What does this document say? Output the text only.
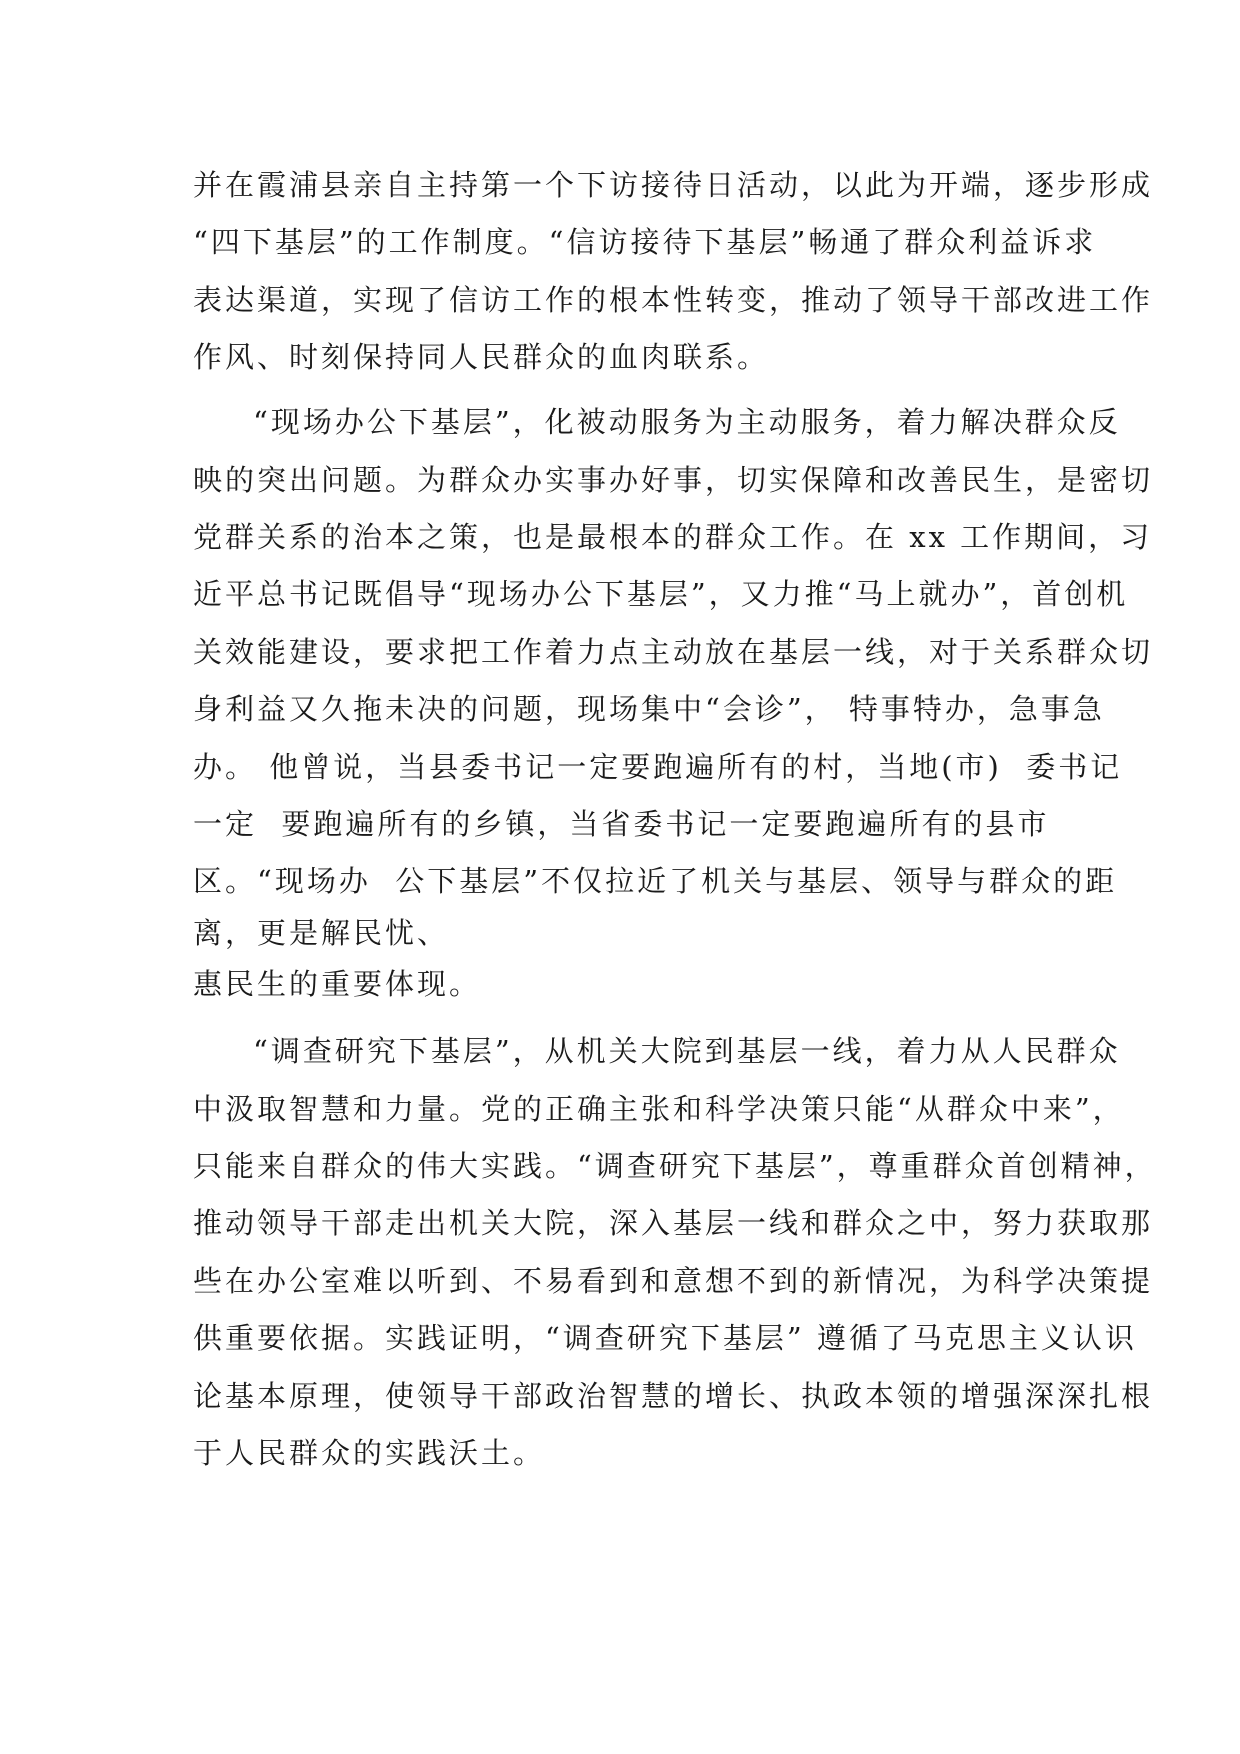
并在霞浦县亲自主持第一个下访接待日活动，以此为开端，逐步形成

“四下基层”的工作制度。“信访接待下基层”畅通了群众利益诉求

表达渠道，实现了信访工作的根本性转变，推动了领导干部改进工作

作风、时刻保持同人民群众的血肉联系。

“现场办公下基层”，化被动服务为主动服务，着力解决群众反

映的突出问题。为群众办实事办好事，切实保障和改善民生，是密切

党群关系的治本之策，也是最根本的群众工作。在 xx 工作期间，习

近平总书记既倡导“现场办公下基层”，又力推“马上就办”，首创机

关效能建设，要求把工作着力点主动放在基层一线，对于关系群众切

身利益又久拖未决的问题，现场集中“会诊”， 特事特办，急事急

办。 他曾说，当县委书记一定要跑遍所有的村，当地(市)  委书记

一定  要跑遍所有的乡镇，当省委书记一定要跑遍所有的县市

区。“现场办  公下基层”不仅拉近了机关与基层、领导与群众的距

离，更是解民忧、

惠民生的重要体现。

“调查研究下基层”，从机关大院到基层一线，着力从人民群众

中汲取智慧和力量。党的正确主张和科学决策只能“从群众中来”，

只能来自群众的伟大实践。“调查研究下基层”，尊重群众首创精神，

推动领导干部走出机关大院，深入基层一线和群众之中，努力获取那

些在办公室难以听到、不易看到和意想不到的新情况，为科学决策提

供重要依据。实践证明，“调查研究下基层” 遵循了马克思主义认识

论基本原理，使领导干部政治智慧的增长、执政本领的增强深深扎根

于人民群众的实践沃土。
